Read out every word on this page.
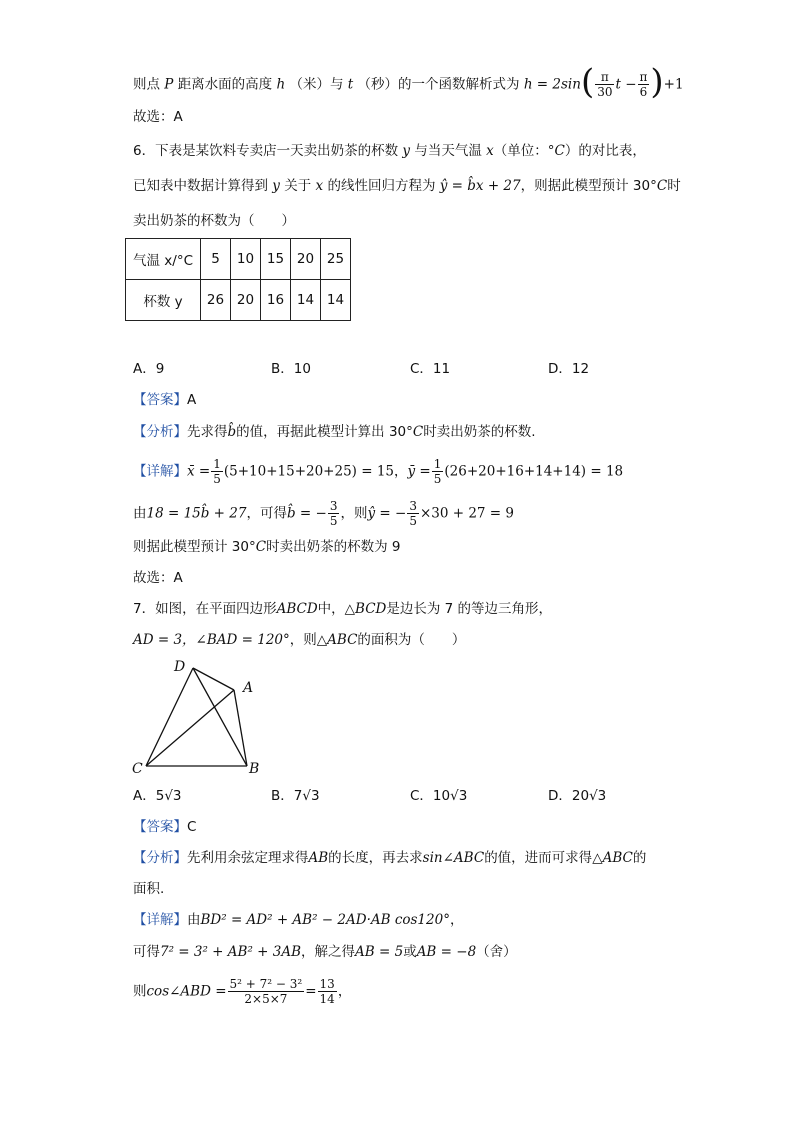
则点 P 距离水面的高度 h （米）与 t （秒）的一个函数解析式为 $h = 2\sin( \frac{\pi}{30}$ $t - \frac{\pi}{6} )+1$
故选：A
6．下表是某饮料专卖店一天卖出奶茶的杯数 y 与当天气温 x（单位：°C）的对比表，
已知表中数据计算得到 y 关于 x 的线性回归方程为 ŷ = b̂x + 27，则据此模型预计 30°C时
卖出奶茶的杯数为（　　）
气温 x/°C	5	10	15	20	25
杯数 y	26	20	16	14	14
A．9	B．10	C．11	D．12
【答案】A
【分析】先求得b̂的值，再据此模型计算出 30°C时卖出奶茶的杯数.
【详解】x̄ = $\frac{1}{5} (5+10+15+20+25) = 15$，ȳ = $\frac{1}{5} (26+20+16+14+14) = 18$
由18 = 15b̂ + 27，可得b̂ = − $\frac{3}{5}$ ，则ŷ = − $\frac{3}{5} \times 30 + 27 = 9$
则据此模型预计 30°C时卖出奶茶的杯数为 9
故选：A
7．如图，在平面四边形ABCD中，△BCD是边长为 7 的等边三角形，
AD = 3，∠BAD = 120°，则△ABC的面积为（　　）
D
A
C	B
A．5√3	B．7√3	C．10√3	D．20√3
【答案】C
【分析】先利用余弦定理求得AB的长度，再去求sin∠ABC的值，进而可求得△ABC的
面积.
【详解】由BD² = AD² + AB² − 2AD·AB cos120°，
可得7² = 3² + AB² + 3AB，解之得AB = 5或AB = −8（舍）
则cos∠ABD = $\frac{\text{5² + 7² − 3²}}{2\times 5\times 7} = \frac{13}{14}$ ，
